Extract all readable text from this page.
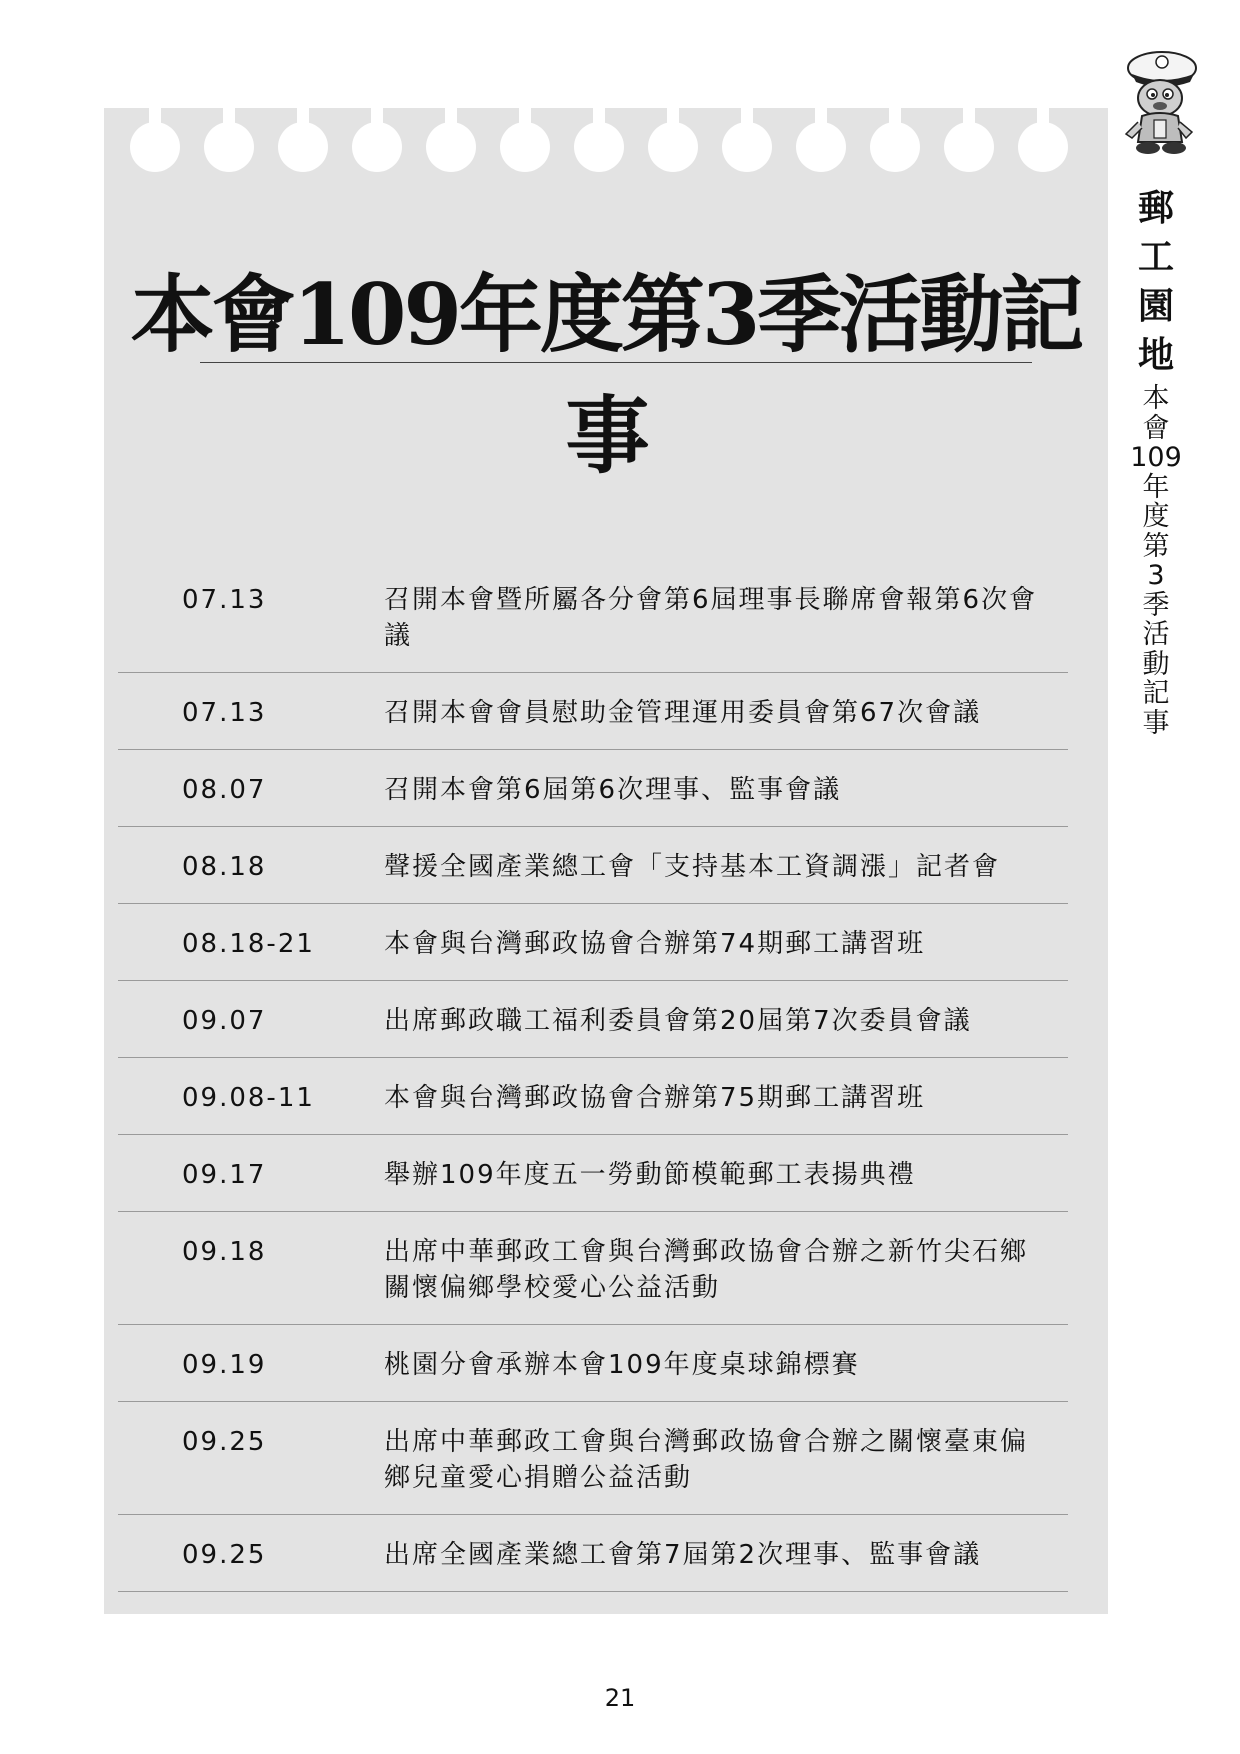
本會109年度第3季活動記事
07.13	召開本會暨所屬各分會第6屆理事長聯席會報第6次會議
07.13	召開本會會員慰助金管理運用委員會第67次會議
08.07	召開本會第6屆第6次理事、監事會議
08.18	聲援全國產業總工會「支持基本工資調漲」記者會
08.18-21	本會與台灣郵政協會合辦第74期郵工講習班
09.07	出席郵政職工福利委員會第20屆第7次委員會議
09.08-11	本會與台灣郵政協會合辦第75期郵工講習班
09.17	舉辦109年度五一勞動節模範郵工表揚典禮
09.18	出席中華郵政工會與台灣郵政協會合辦之新竹尖石鄉關懷偏鄉學校愛心公益活動
09.19	桃園分會承辦本會109年度桌球錦標賽
09.25	出席中華郵政工會與台灣郵政協會合辦之關懷臺東偏鄉兒童愛心捐贈公益活動
09.25	出席全國產業總工會第7屆第2次理事、監事會議
郵
工
園
地
本
會
109
年
度
第
3
季
活
動
記
事
21
